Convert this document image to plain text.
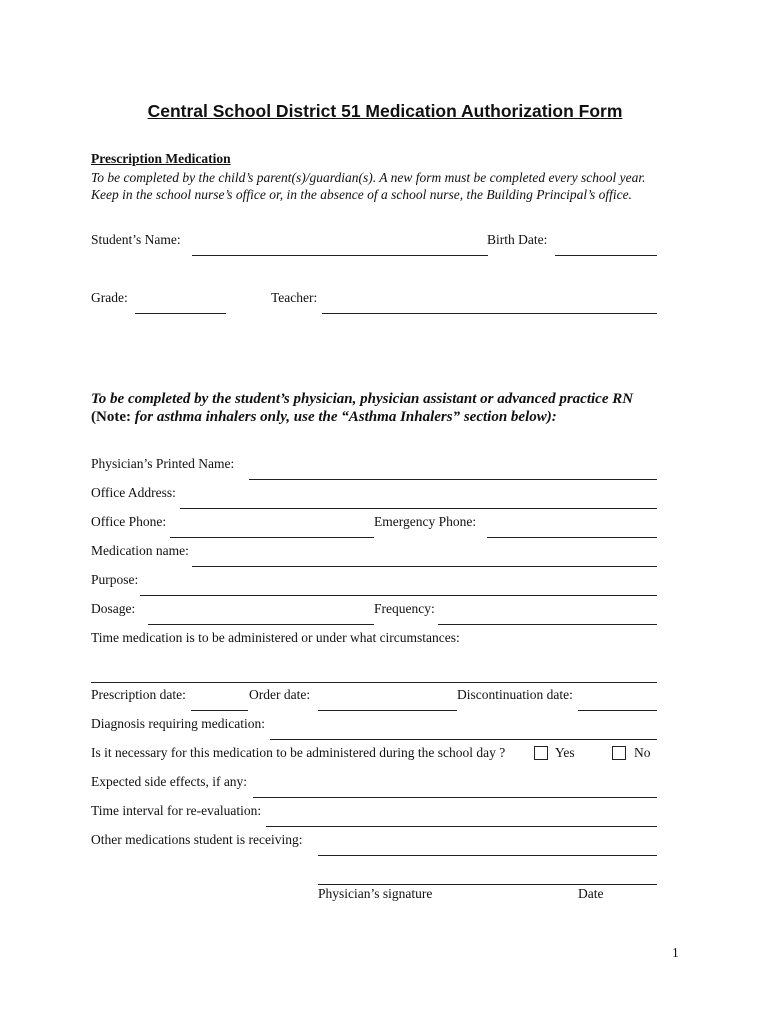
Central School District 51 Medication Authorization Form
Prescription Medication
To be completed by the child’s parent(s)/guardian(s). A new form must be completed every school year.
Keep in the school nurse’s office or, in the absence of a school nurse, the Building Principal’s office.
Student’s Name:	Birth Date:
Grade:	Teacher:
To be completed by the student’s physician, physician assistant or advanced practice RN
(Note: for asthma inhalers only, use the “Asthma Inhalers” section below):
Physician’s Printed Name:
Office Address:
Office Phone:	Emergency Phone:
Medication name:
Purpose:
Dosage:	Frequency:
Time medication is to be administered or under what circumstances:
Prescription date:	Order date:	Discontinuation date:
Diagnosis requiring medication:
Is it necessary for this medication to be administered during the school day ?	Yes	No
Expected side effects, if any:
Time interval for re-evaluation:
Other medications student is receiving:
Physician’s signature	Date
1
